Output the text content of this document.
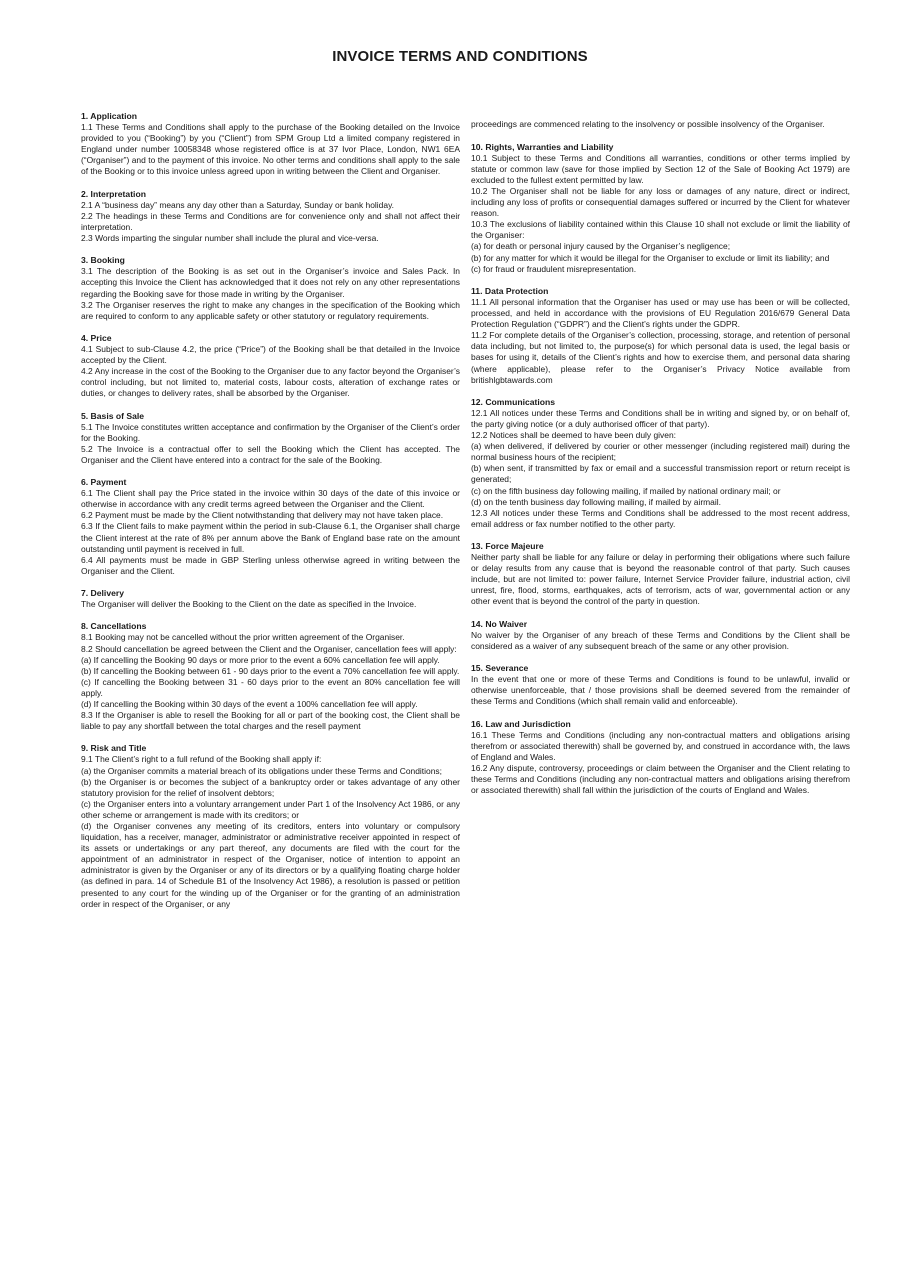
INVOICE TERMS AND CONDITIONS
1. Application

1.1 These Terms and Conditions shall apply to the purchase of the Booking detailed on the Invoice provided to you (“Booking”) by you (“Client”) from SPM Group Ltd a limited company registered in England under number 10058348 whose registered office is at 37 Ivor Place, London, NW1 6EA (“Organiser”) and to the payment of this invoice. No other terms and conditions shall apply to the sale of the Booking or to this invoice unless agreed upon in writing between the Client and Organiser.

2. Interpretation

2.1 A “business day” means any day other than a Saturday, Sunday or bank holiday.

2.2 The headings in these Terms and Conditions are for convenience only and shall not affect their interpretation.

2.3 Words imparting the singular number shall include the plural and vice-versa.

3. Booking

3.1 The description of the Booking is as set out in the Organiser’s invoice and Sales Pack. In accepting this Invoice the Client has acknowledged that it does not rely on any other representations regarding the Booking save for those made in writing by the Organiser.

3.2 The Organiser reserves the right to make any changes in the specification of the Booking which are required to conform to any applicable safety or other statutory or regulatory requirements.

4. Price

4.1 Subject to sub-Clause 4.2, the price (“Price”) of the Booking shall be that detailed in the Invoice accepted by the Client.

4.2 Any increase in the cost of the Booking to the Organiser due to any factor beyond the Organiser’s control including, but not limited to, material costs, labour costs, alteration of exchange rates or duties, or changes to delivery rates, shall be absorbed by the Organiser.

5. Basis of Sale

5.1 The Invoice constitutes written acceptance and confirmation by the Organiser of the Client’s order for the Booking.

5.2 The Invoice is a contractual offer to sell the Booking which the Client has accepted. The Organiser and the Client have entered into a contract for the sale of the Booking.

6. Payment

6.1 The Client shall pay the Price stated in the invoice within 30 days of the date of this invoice or otherwise in accordance with any credit terms agreed between the Organiser and the Client.

6.2 Payment must be made by the Client notwithstanding that delivery may not have taken place.

6.3 If the Client fails to make payment within the period in sub-Clause 6.1, the Organiser shall charge the Client interest at the rate of 8% per annum above the Bank of England base rate on the amount outstanding until payment is received in full.

6.4 All payments must be made in GBP Sterling unless otherwise agreed in writing between the Organiser and the Client.

7. Delivery

The Organiser will deliver the Booking to the Client on the date as specified in the Invoice.

8. Cancellations

8.1 Booking may not be cancelled without the prior written agreement of the Organiser.

8.2 Should cancellation be agreed between the Client and the Organiser, cancellation fees will apply:

(a) If cancelling the Booking 90 days or more prior to the event a 60% cancellation fee will apply.

(b) If cancelling the Booking between 61 - 90 days prior to the event a 70% cancellation fee will apply.

(c) If cancelling the Booking between 31 - 60 days prior to the event an 80% cancellation fee will apply.

(d) If cancelling the Booking within 30 days of the event a 100% cancellation fee will apply.

8.3 If the Organiser is able to resell the Booking for all or part of the booking cost, the Client shall be liable to pay any shortfall between the total charges and the resell payment

9. Risk and Title

9.1 The Client’s right to a full refund of the Booking shall apply if:

(a) the Organiser commits a material breach of its obligations under these Terms and Conditions;

(b) the Organiser is or becomes the subject of a bankruptcy order or takes advantage of any other statutory provision for the relief of insolvent debtors;

(c) the Organiser enters into a voluntary arrangement under Part 1 of the Insolvency Act 1986, or any other scheme or arrangement is made with its creditors; or

(d) the Organiser convenes any meeting of its creditors, enters into voluntary or compulsory liquidation, has a receiver, manager, administrator or administrative receiver appointed in respect of its assets or undertakings or any part thereof, any documents are filed with the court for the appointment of an administrator in respect of the Organiser, notice of intention to appoint an administrator is given by the Organiser or any of its directors or by a qualifying floating charge holder (as defined in para. 14 of Schedule B1 of the Insolvency Act 1986), a resolution is passed or petition presented to any court for the winding up of the Organiser or for the granting of an administration order in respect of the Organiser, or any

proceedings are commenced relating to the insolvency or possible insolvency of the Organiser.

10. Rights, Warranties and Liability

10.1 Subject to these Terms and Conditions all warranties, conditions or other terms implied by statute or common law (save for those implied by Section 12 of the Sale of Booking Act 1979) are excluded to the fullest extent permitted by law.

10.2 The Organiser shall not be liable for any loss or damages of any nature, direct or indirect, including any loss of profits or consequential damages suffered or incurred by the Client for whatever reason.

10.3 The exclusions of liability contained within this Clause 10 shall not exclude or limit the liability of the Organiser:

(a) for death or personal injury caused by the Organiser’s negligence;

(b) for any matter for which it would be illegal for the Organiser to exclude or limit its liability; and

(c) for fraud or fraudulent misrepresentation.

11. Data Protection

11.1 All personal information that the Organiser has used or may use has been or will be collected, processed, and held in accordance with the provisions of EU Regulation 2016/679 General Data Protection Regulation (“GDPR”) and the Client’s rights under the GDPR.

11.2 For complete details of the Organiser’s collection, processing, storage, and retention of personal data including, but not limited to, the purpose(s) for which personal data is used, the legal basis or bases for using it, details of the Client’s rights and how to exercise them, and personal data sharing (where applicable), please refer to the Organiser’s Privacy Notice available from britishlgbtawards.com

12. Communications

12.1 All notices under these Terms and Conditions shall be in writing and signed by, or on behalf of, the party giving notice (or a duly authorised officer of that party).

12.2 Notices shall be deemed to have been duly given:

(a) when delivered, if delivered by courier or other messenger (including registered mail) during the normal business hours of the recipient;

(b) when sent, if transmitted by fax or email and a successful transmission report or return receipt is generated;

(c) on the fifth business day following mailing, if mailed by national ordinary mail; or

(d) on the tenth business day following mailing, if mailed by airmail.

12.3 All notices under these Terms and Conditions shall be addressed to the most recent address, email address or fax number notified to the other party.

13. Force Majeure

Neither party shall be liable for any failure or delay in performing their obligations where such failure or delay results from any cause that is beyond the reasonable control of that party. Such causes include, but are not limited to: power failure, Internet Service Provider failure, industrial action, civil unrest, fire, flood, storms, earthquakes, acts of terrorism, acts of war, governmental action or any other event that is beyond the control of the party in question.

14. No Waiver

No waiver by the Organiser of any breach of these Terms and Conditions by the Client shall be considered as a waiver of any subsequent breach of the same or any other provision.

15. Severance

In the event that one or more of these Terms and Conditions is found to be unlawful, invalid or otherwise unenforceable, that / those provisions shall be deemed severed from the remainder of these Terms and Conditions (which shall remain valid and enforceable).

16. Law and Jurisdiction

16.1 These Terms and Conditions (including any non-contractual matters and obligations arising therefrom or associated therewith) shall be governed by, and construed in accordance with, the laws of England and Wales.

16.2 Any dispute, controversy, proceedings or claim between the Organiser and the Client relating to these Terms and Conditions (including any non-contractual matters and obligations arising therefrom or associated therewith) shall fall within the jurisdiction of the courts of England and Wales.
